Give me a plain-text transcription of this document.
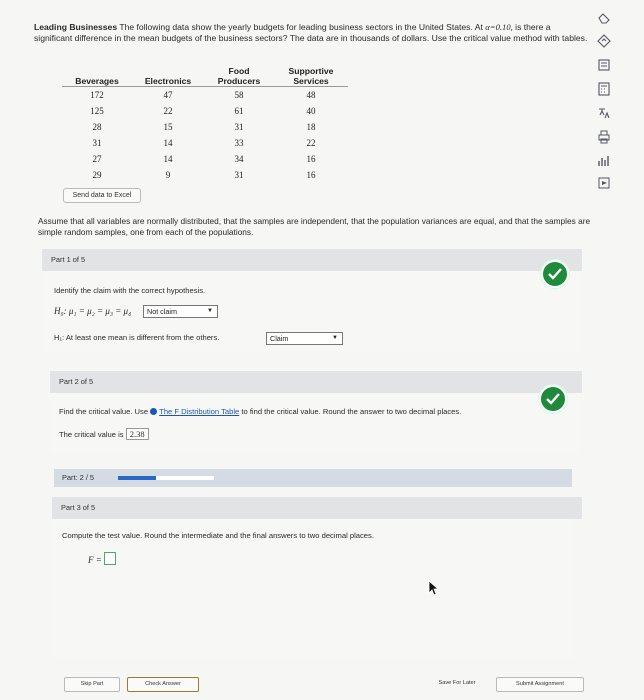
Leading Businesses The following data show the yearly budgets for leading business sectors in the United States. At α=0.10, is there a significant difference in the mean budgets of the business sectors? The data are in thousands of dollars. Use the critical value method with tables.
Beverages	Electronics	Food Producers	Supportive Services
172	47	58	48
125	22	61	40
28	15	31	18
31	14	33	22
27	14	34	16
29	9	31	16
Send data to Excel
Assume that all variables are normally distributed, that the samples are independent, that the population variances are equal, and that the samples are simple random samples, one from each of the populations.
Part 1 of 5
Identify the claim with the correct hypothesis.
H₀: μ₁ = μ₂ = μ₃ = μ₄	Not claim	▼
H₁: At least one mean is different from the others.	Claim	▼
Part 2 of 5
Find the critical value. Use The F Distribution Table to find the critical value. Round the answer to two decimal places.
The critical value is 2.38
Part: 2 / 5
Part 3 of 5
Compute the test value. Round the intermediate and the final answers to two decimal places.
F =
Skip Part	Check Answer	Save For Later	Submit Assignment
